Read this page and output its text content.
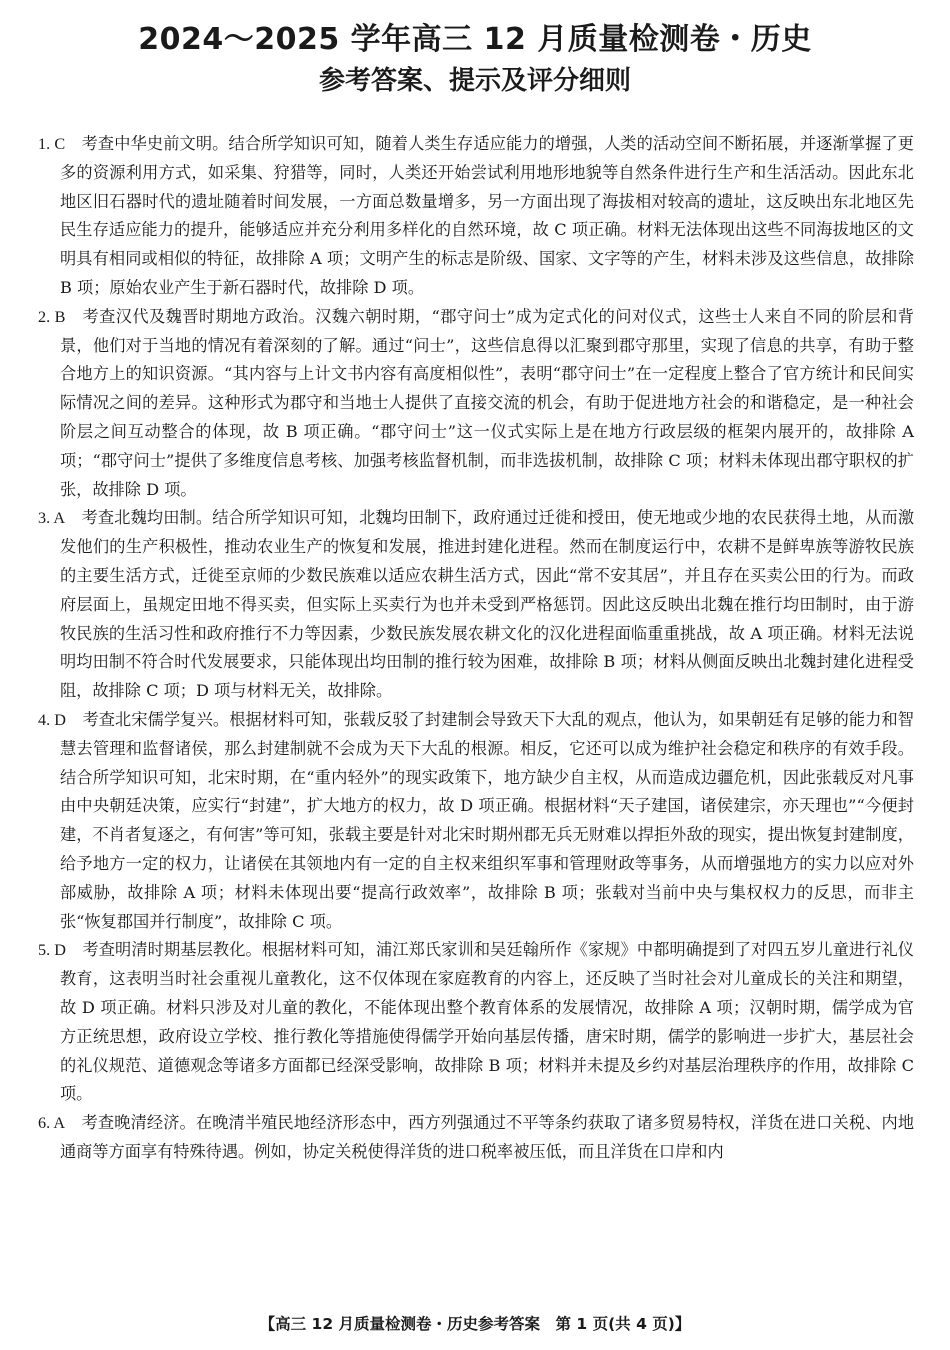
2024～2025 学年高三 12 月质量检测卷・历史
参考答案、提示及评分细则

1. C　 考查中华史前文明。结合所学知识可知，随着人类生存适应能力的增强，人类的活动空间不断拓展，并逐渐掌握了更多的资源利用方式，如采集、狩猎等，同时，人类还开始尝试利用地形地貌等自然条件进行生产和生活活动。因此东北地区旧石器时代的遗址随着时间发展，一方面总数量增多，另一方面出现了海拔相对较高的遗址，这反映出东北地区先民生存适应能力的提升，能够适应并充分利用多样化的自然环境，故 C 项正确。材料无法体现出这些不同海拔地区的文明具有相同或相似的特征，故排除 A 项；文明产生的标志是阶级、国家、文字等的产生，材料未涉及这些信息，故排除 B 项；原始农业产生于新石器时代，故排除 D 项。

2. B　 考查汉代及魏晋时期地方政治。汉魏六朝时期，“郡守问士”成为定式化的问对仪式，这些士人来自不同的阶层和背景，他们对于当地的情况有着深刻的了解。通过“问士”，这些信息得以汇聚到郡守那里，实现了信息的共享，有助于整合地方上的知识资源。“其内容与上计文书内容有高度相似性”，表明“郡守问士”在一定程度上整合了官方统计和民间实际情况之间的差异。这种形式为郡守和当地士人提供了直接交流的机会，有助于促进地方社会的和谐稳定，是一种社会阶层之间互动整合的体现，故 B 项正确。“郡守问士”这一仪式实际上是在地方行政层级的框架内展开的，故排除 A 项；“郡守问士”提供了多维度信息考核、加强考核监督机制，而非选拔机制，故排除 C 项；材料未体现出郡守职权的扩张，故排除 D 项。

3. A　 考查北魏均田制。结合所学知识可知，北魏均田制下，政府通过迁徙和授田，使无地或少地的农民获得土地，从而激发他们的生产积极性，推动农业生产的恢复和发展，推进封建化进程。然而在制度运行中，农耕不是鲜卑族等游牧民族的主要生活方式，迁徙至京师的少数民族难以适应农耕生活方式，因此“常不安其居”，并且存在买卖公田的行为。而政府层面上，虽规定田地不得买卖，但实际上买卖行为也并未受到严格惩罚。因此这反映出北魏在推行均田制时，由于游牧民族的生活习性和政府推行不力等因素，少数民族发展农耕文化的汉化进程面临重重挑战，故 A 项正确。材料无法说明均田制不符合时代发展要求，只能体现出均田制的推行较为困难，故排除 B 项；材料从侧面反映出北魏封建化进程受阻，故排除 C 项；D 项与材料无关，故排除。

4. D　 考查北宋儒学复兴。根据材料可知，张载反驳了封建制会导致天下大乱的观点，他认为，如果朝廷有足够的能力和智慧去管理和监督诸侯，那么封建制就不会成为天下大乱的根源。相反，它还可以成为维护社会稳定和秩序的有效手段。结合所学知识可知，北宋时期，在“重内轻外”的现实政策下，地方缺少自主权，从而造成边疆危机，因此张载反对凡事由中央朝廷决策，应实行“封建”，扩大地方的权力，故 D 项正确。根据材料“天子建国，诸侯建宗，亦天理也”“今便封建，不肖者复逐之，有何害”等可知，张载主要是针对北宋时期州郡无兵无财难以捍拒外敌的现实，提出恢复封建制度，给予地方一定的权力，让诸侯在其领地内有一定的自主权来组织军事和管理财政等事务，从而增强地方的实力以应对外部威胁，故排除 A 项；材料未体现出要“提高行政效率”，故排除 B 项；张载对当前中央与集权权力的反思，而非主张“恢复郡国并行制度”，故排除 C 项。

5. D　 考查明清时期基层教化。根据材料可知，浦江郑氏家训和吴廷翰所作《家规》中都明确提到了对四五岁儿童进行礼仪教育，这表明当时社会重视儿童教化，这不仅体现在家庭教育的内容上，还反映了当时社会对儿童成长的关注和期望，故 D 项正确。材料只涉及对儿童的教化，不能体现出整个教育体系的发展情况，故排除 A 项；汉朝时期，儒学成为官方正统思想，政府设立学校、推行教化等措施使得儒学开始向基层传播，唐宋时期，儒学的影响进一步扩大，基层社会的礼仪规范、道德观念等诸多方面都已经深受影响，故排除 B 项；材料并未提及乡约对基层治理秩序的作用，故排除 C 项。

6. A　 考查晚清经济。在晚清半殖民地经济形态中，西方列强通过不平等条约获取了诸多贸易特权，洋货在进口关税、内地通商等方面享有特殊待遇。例如，协定关税使得洋货的进口税率被压低，而且洋货在口岸和内

【高三 12 月质量检测卷・历史参考答案　第 1 页(共 4 页)】
